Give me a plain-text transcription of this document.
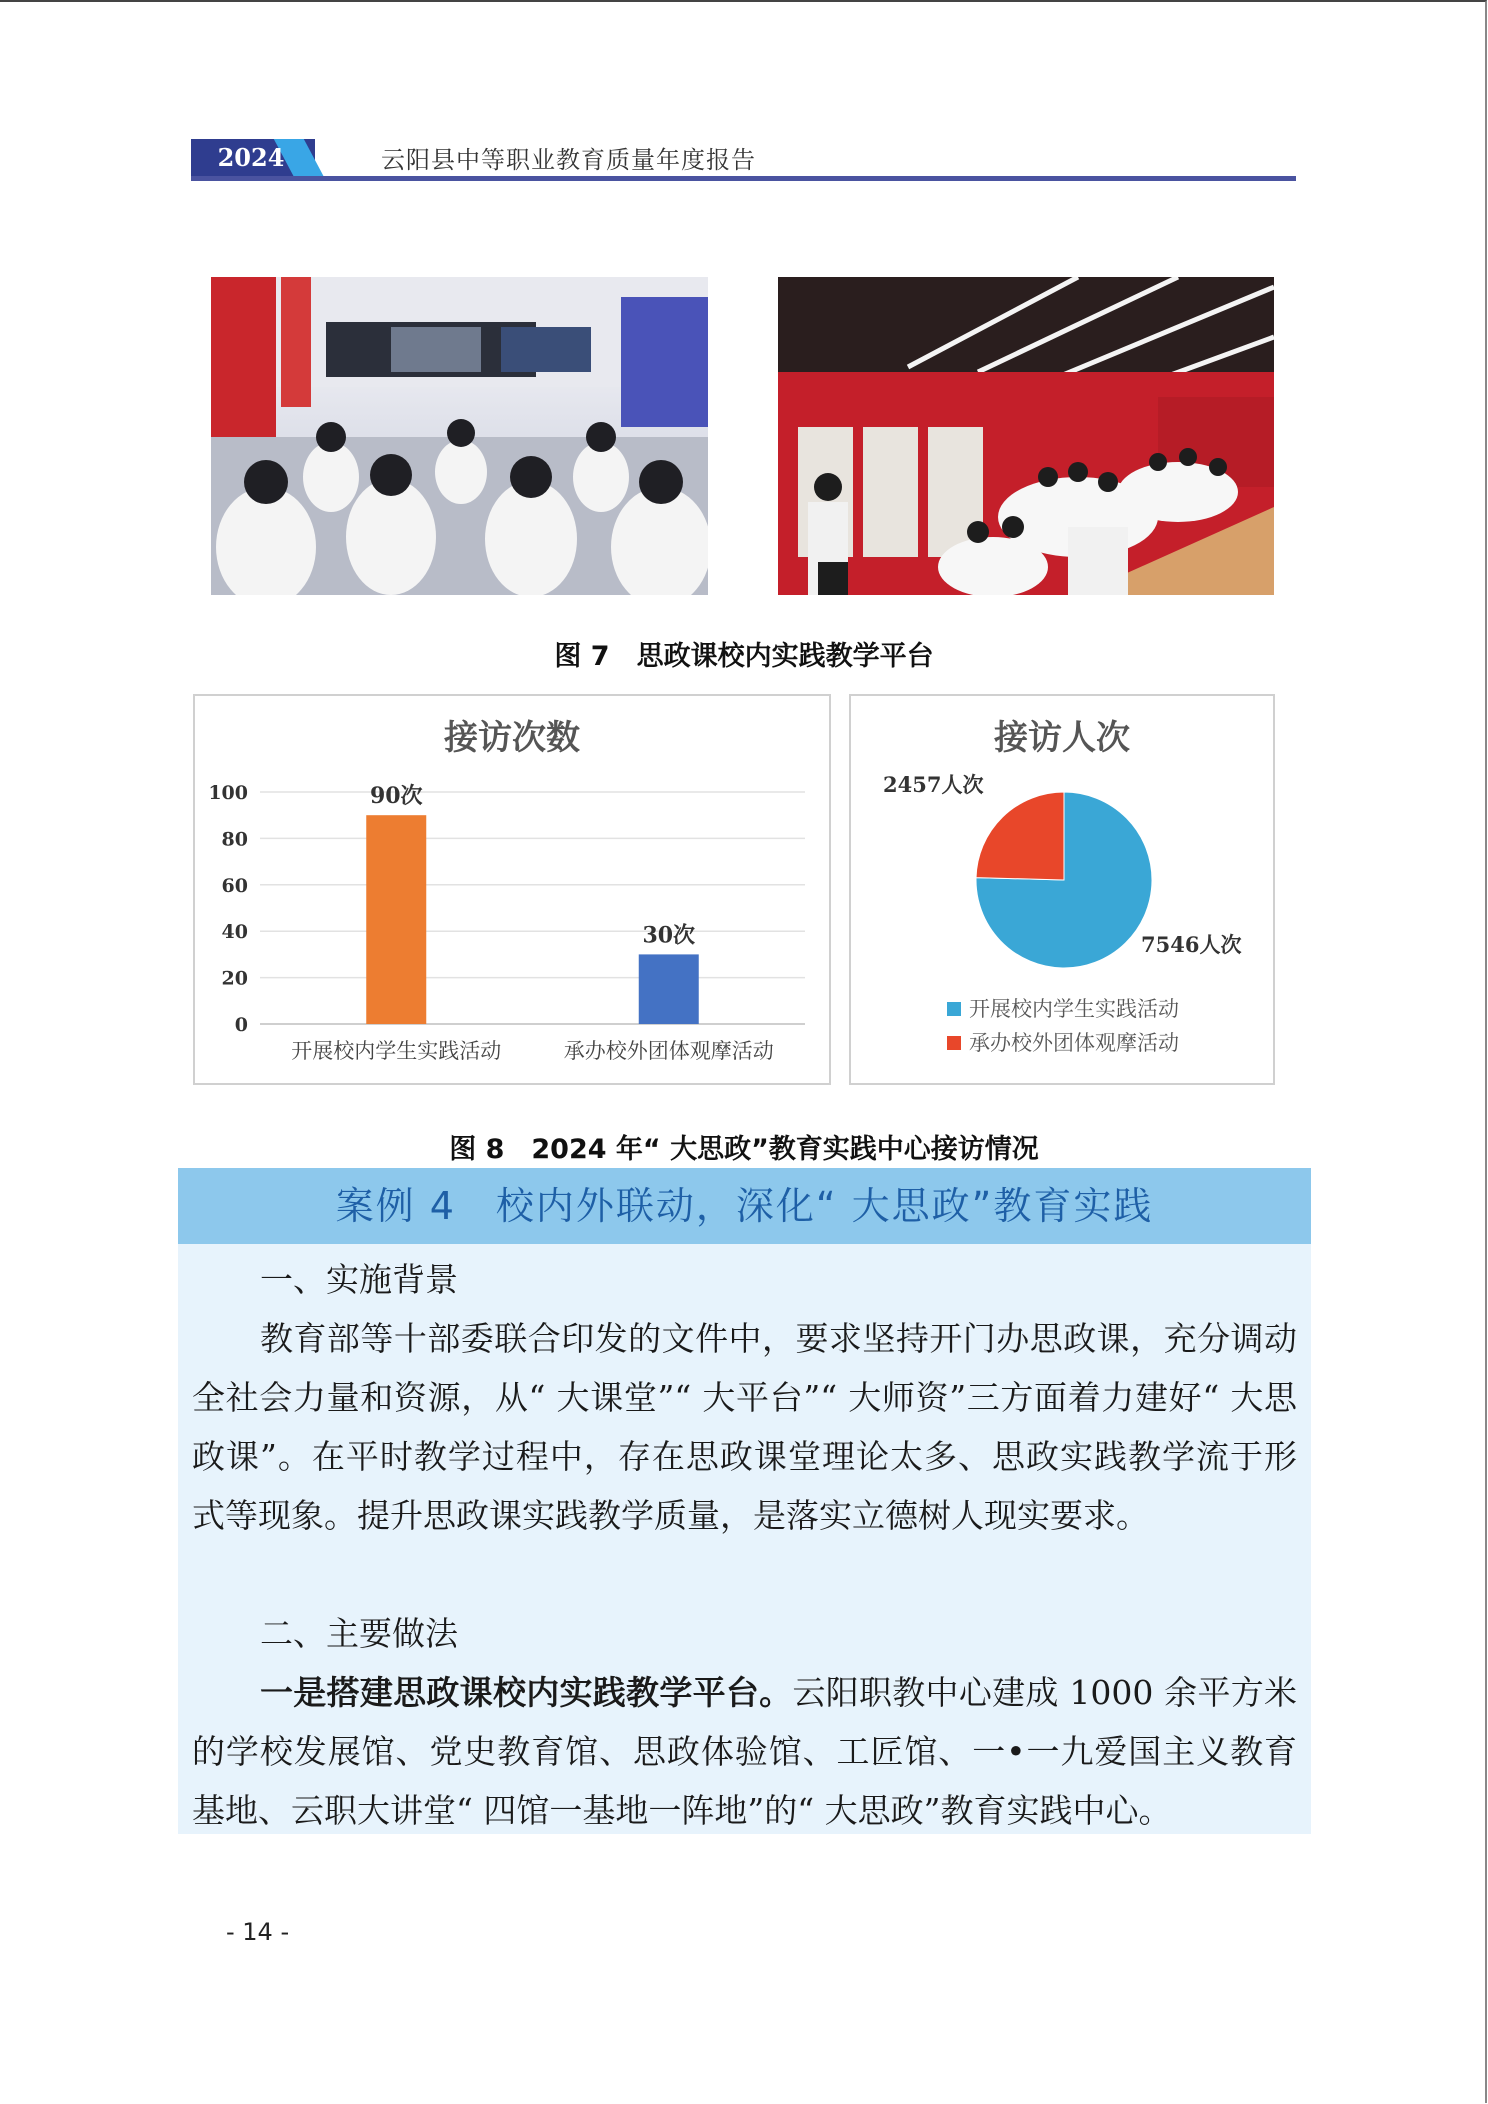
2024	云阳县中等职业教育质量年度报告
图 7　思政课校内实践教学平台
接访次数
0
20
40
60
80
100	90次
开展校内学生实践活动
30次
承办校外团体观摩活动
接访人次
7546人次
2457人次
开展校内学生实践活动
承办校外团体观摩活动
图 8　2024 年“ 大思政”教育实践中心接访情况
案例 4　校内外联动，深化“ 大思政”教育实践
一、实施背景
教育部等十部委联合印发的文件中，要求坚持开门办思政课，充分调动全社会力量和资源，从“ 大课堂”“ 大平台”“ 大师资”三方面着力建好“ 大思政课”。在平时教学过程中，存在思政课堂理论太多、思政实践教学流于形式等现象。提升思政课实践教学质量，是落实立德树人现实要求。
二、主要做法
一是搭建思政课校内实践教学平台。云阳职教中心建成 1000 余平方米的学校发展馆、党史教育馆、思政体验馆、工匠馆、一•一九爱国主义教育基地、云职大讲堂“ 四馆一基地一阵地”的“ 大思政”教育实践中心。
- 14 -
